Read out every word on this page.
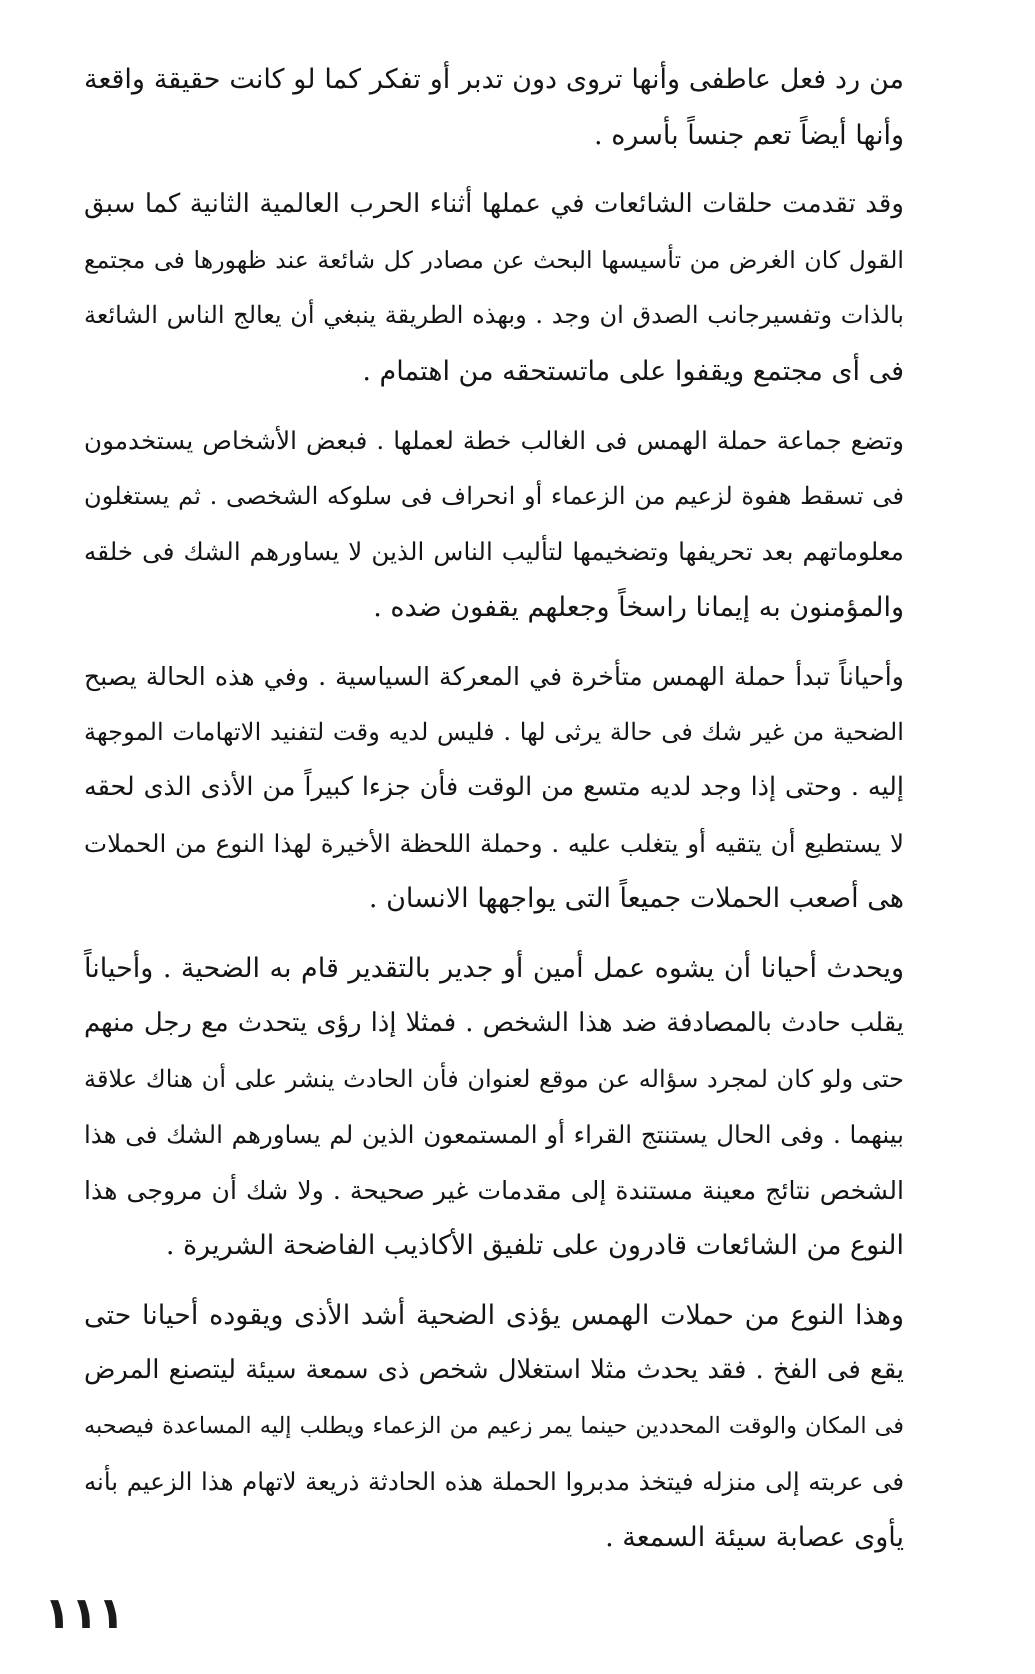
من رد فعل عاطفى وأنها تروى دون تدبر أو تفكر كما لو كانت حقيقة واقعة
وأنها أيضاً تعم جنساً بأسره .

وقد تقدمت حلقات الشائعات في عملها أثناء الحرب العالمية الثانية كما سبق
القول كان الغرض من تأسيسها البحث عن مصادر كل شائعة عند ظهورها فى مجتمع
بالذات وتفسيرجانب الصدق ان وجد . وبهذه الطريقة ينبغي أن يعالج الناس الشائعة
فى أى مجتمع ويقفوا على ماتستحقه من اهتمام .

وتضع جماعة حملة الهمس فى الغالب خطة لعملها . فبعض الأشخاص يستخدمون
فى تسقط هفوة لزعيم من الزعماء أو انحراف فى سلوكه الشخصى . ثم يستغلون
معلوماتهم بعد تحريفها وتضخيمها لتأليب الناس الذين لا يساورهم الشك فى خلقه
والمؤمنون به إيمانا راسخاً وجعلهم يقفون ضده .

وأحياناً تبدأ حملة الهمس متأخرة في المعركة السياسية . وفي هذه الحالة يصبح
الضحية من غير شك فى حالة يرثى لها . فليس لديه وقت لتفنيد الاتهامات الموجهة
إليه . وحتى إذا وجد لديه متسع من الوقت فأن جزءا كبيراً من الأذى الذى لحقه
لا يستطيع أن يتقيه أو يتغلب عليه . وحملة اللحظة الأخيرة لهذا النوع من الحملات
هى أصعب الحملات جميعاً التى يواجهها الانسان .

ويحدث أحيانا أن يشوه عمل أمين أو جدير بالتقدير قام به الضحية . وأحياناً
يقلب حادث بالمصادفة ضد هذا الشخص . فمثلا إذا رؤى يتحدث مع رجل منهم
حتى ولو كان لمجرد سؤاله عن موقع لعنوان فأن الحادث ينشر على أن هناك علاقة
بينهما . وفى الحال يستنتج القراء أو المستمعون الذين لم يساورهم الشك فى هذا
الشخص نتائج معينة مستندة إلى مقدمات غير صحيحة . ولا شك أن مروجى هذا
النوع من الشائعات قادرون على تلفيق الأكاذيب الفاضحة الشريرة .

وهذا النوع من حملات الهمس يؤذى الضحية أشد الأذى ويقوده أحيانا حتى
يقع فى الفخ . فقد يحدث مثلا استغلال شخص ذى سمعة سيئة ليتصنع المرض
فى المكان والوقت المحددين حينما يمر زعيم من الزعماء ويطلب إليه المساعدة فيصحبه
فى عربته إلى منزله فيتخذ مدبروا الحملة هذه الحادثة ذريعة لاتهام هذا الزعيم بأنه
يأوى عصابة سيئة السمعة .

١١١
